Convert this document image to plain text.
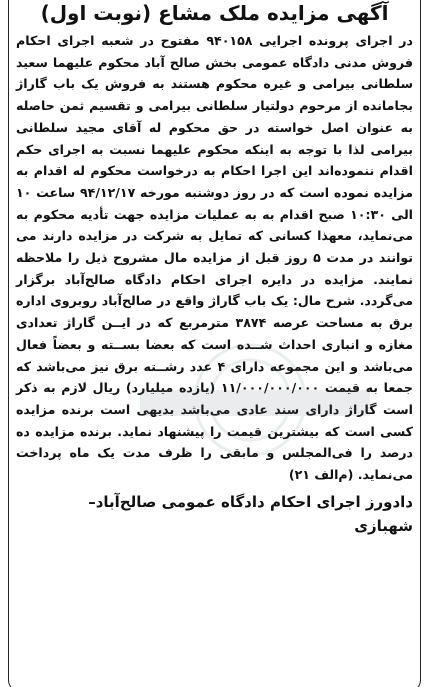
آگهی مزایده ملک مشاع (نوبت اول)

در اجرای پرونده اجرایی ۹۴۰۱۵۸ مفتوح در شعبه اجرای احکام فروش مدنی دادگاه عمومی بخش صالح آباد محکوم علیهما سعید سلطانی بیرامی و غیره محکوم هستند به فروش یک باب گاراژ بجامانده از مرحوم دولتیار سلطانی بیرامی و تقسیم ثمن حاصله به عنوان اصل خواسته در حق محکوم له آقای مجید سلطانی بیرامی لذا با توجه به اینکه محکوم علیهما نسبت به اجرای حکم اقدام ننموده‌اند این اجرا احکام به درخواست محکوم له اقدام به مزایده نموده است که در روز دوشنبه مورخه ۹۴/۱۲/۱۷ ساعت ۱۰ الی ۱۰:۳۰ صبح اقدام به به عملیات مزایده جهت تأدیه محکوم به می‌نماید، معهذا کسانی که تمایل به شرکت در مزایده دارند می توانند در مدت ۵ روز قبل از مزایده مال مشروح ذیل را ملاحظه نمایند. مزایده در دایره اجرای احکام دادگاه صالح‌آباد برگزار می‌گردد. شرح مال: یک باب گاراژ واقع در صالح‌آباد روبروی اداره برق به مساحت عرصه ۳۸۷۴ مترمربع که در ایــن گاراژ تعدادی مغازه و انباری احداث شــده است که بعضا بســته و بعضاً فعال می‌باشد و این مجموعه دارای ۴ عدد رشــته برق نیز می‌باشد که جمعا به قیمت ۱۱/۰۰۰/۰۰۰/۰۰۰ (یازده میلیارد) ریال لازم به ذکر است گاراژ دارای سند عادی می‌باشد بدیهی است برنده مزایده کسی است که بیشترین قیمت را پیشنهاد نماید. برنده مزایده ده درصد را فی‌المجلس و مابقی را ظرف مدت یک ماه پرداخت می‌نماید. (م‌الف ۲۱)

دادورز اجرای احکام دادگاه عمومی صالح‌آباد–
شهبازی
